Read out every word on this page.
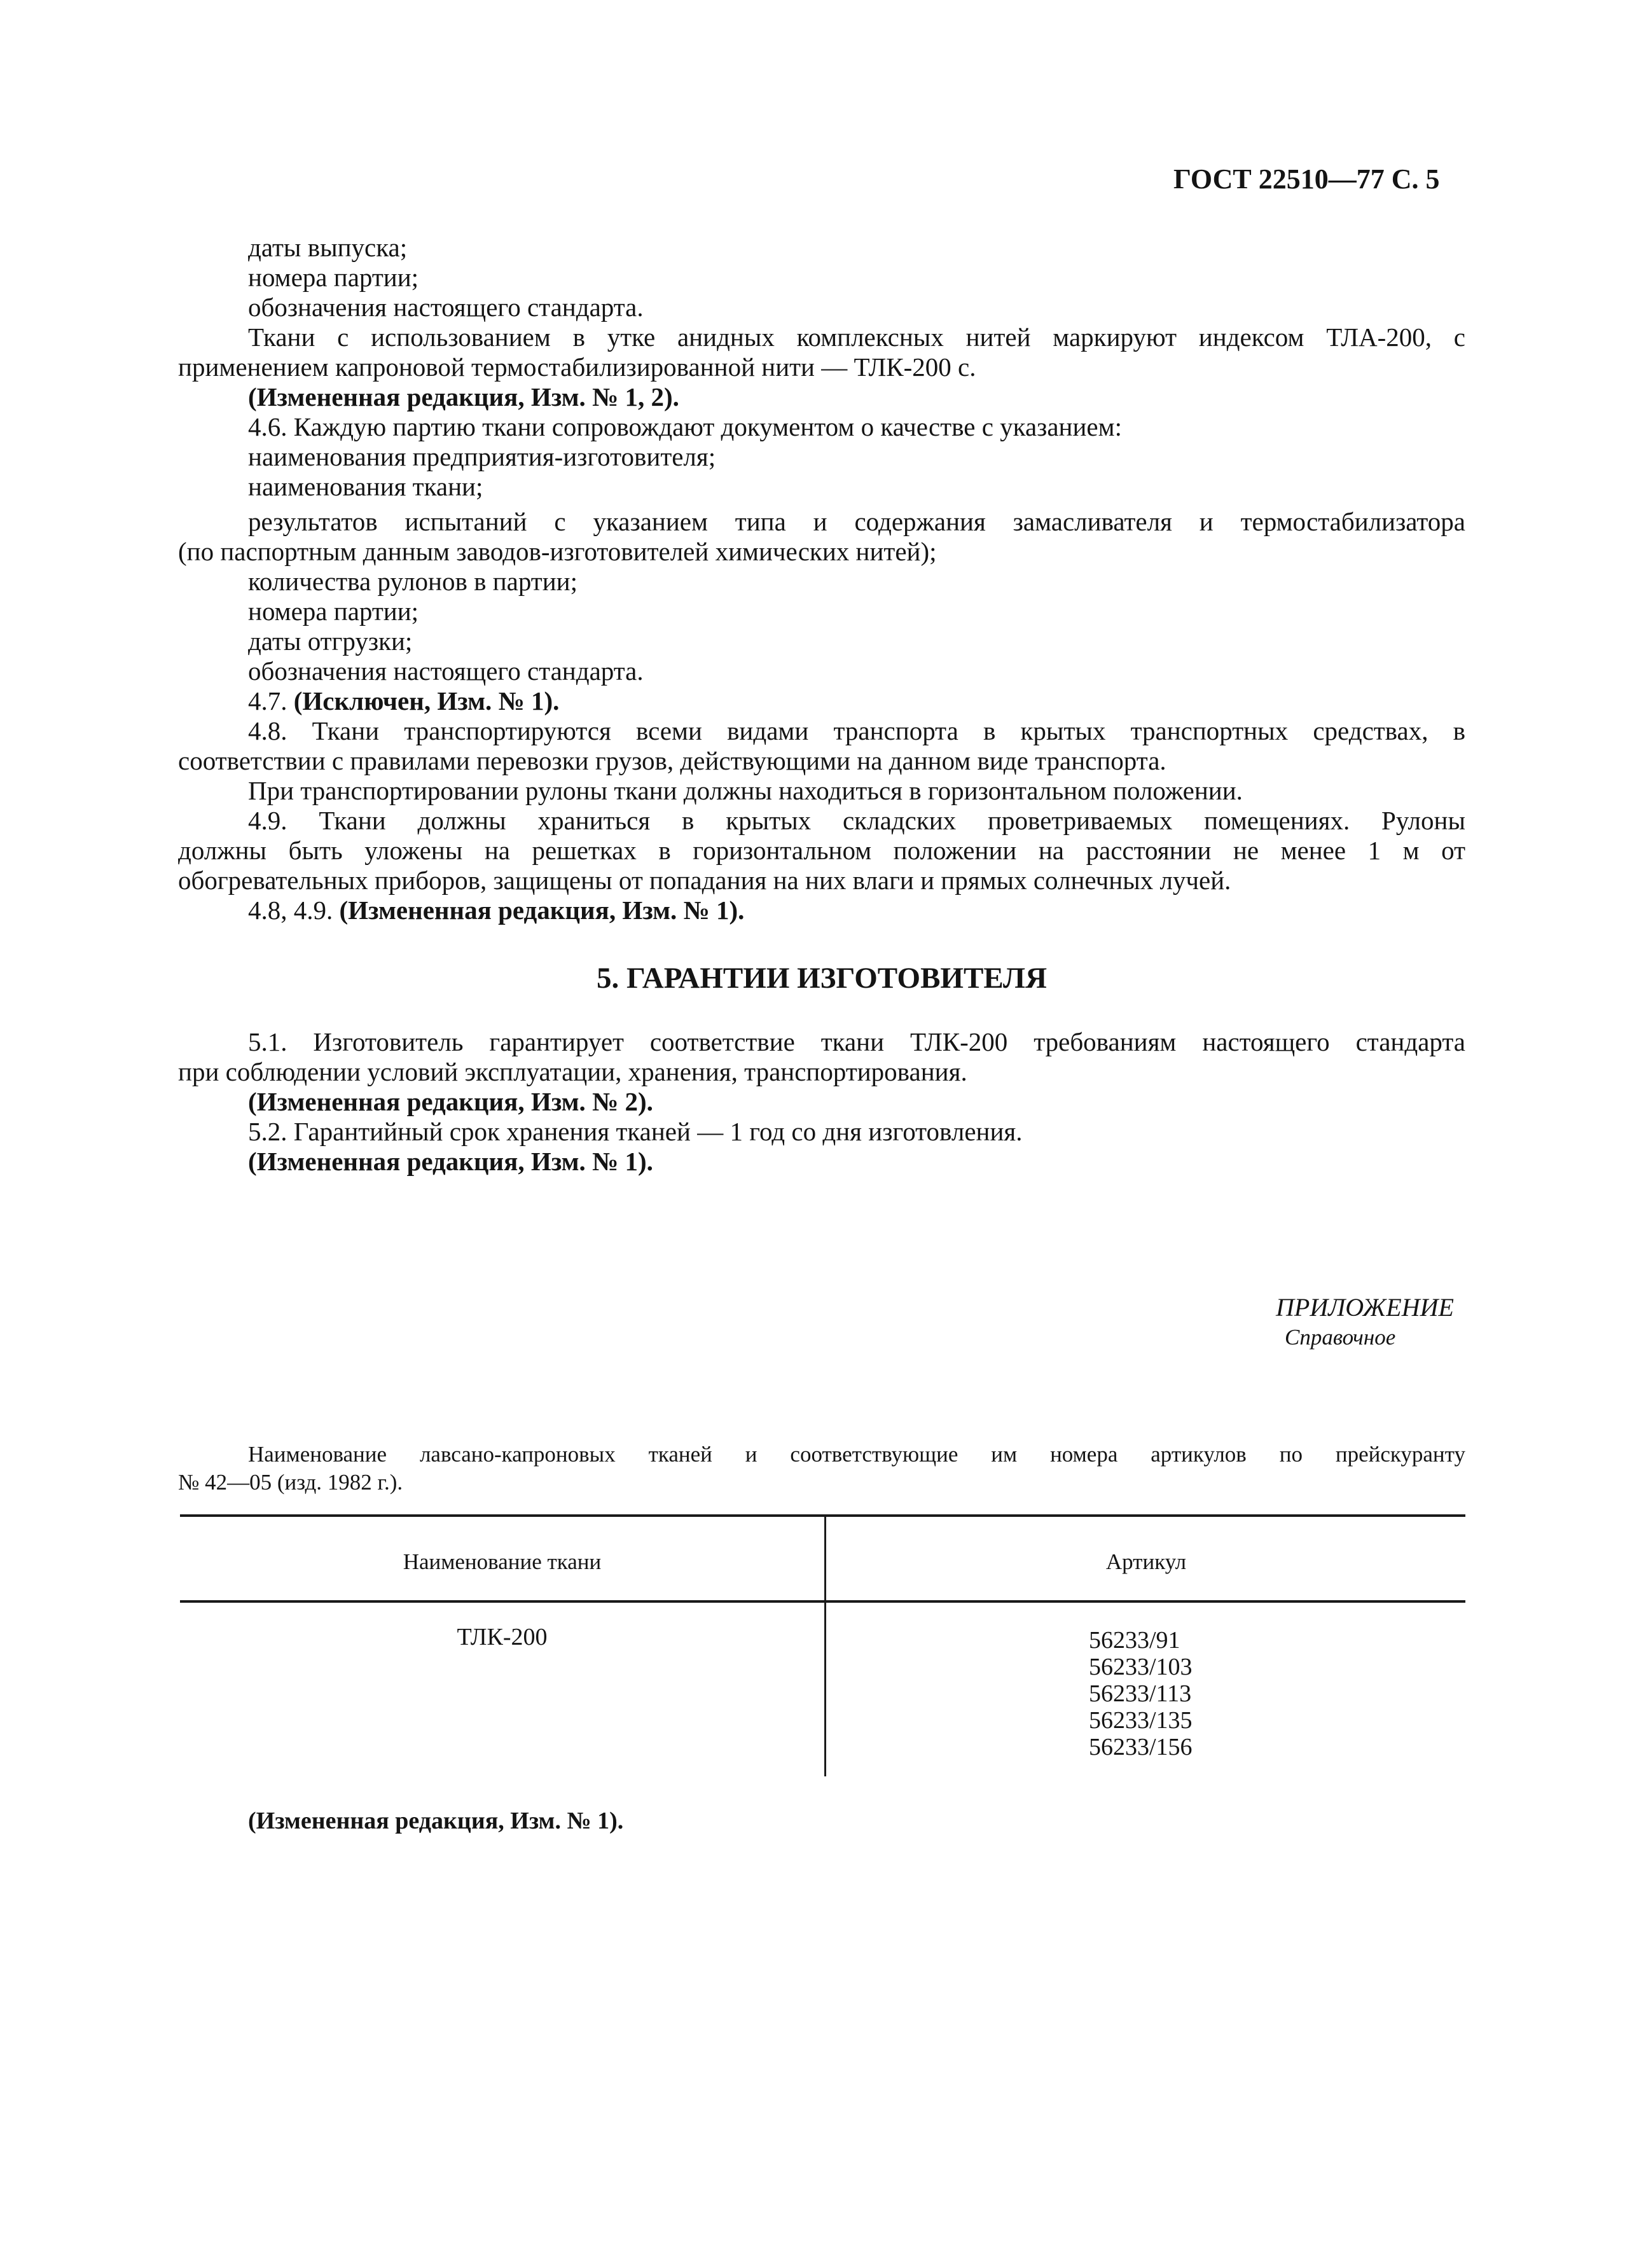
ГОСТ 22510—77 С. 5
даты выпуска;
номера партии;
обозначения настоящего стандарта.
Ткани с использованием в утке анидных комплексных нитей маркируют индексом ТЛА-200, с
применением капроновой термостабилизированной нити — ТЛК-200 с.
(Измененная редакция, Изм. № 1, 2).
4.6. Каждую партию ткани сопровождают документом о качестве с указанием:
наименования предприятия-изготовителя;
наименования ткани;
результатов испытаний с указанием типа и содержания замасливателя и термостабилизатора
(по паспортным данным заводов-изготовителей химических нитей);
количества рулонов в партии;
номера партии;
даты отгрузки;
обозначения настоящего стандарта.
4.7. (Исключен, Изм. № 1).
4.8. Ткани транспортируются всеми видами транспорта в крытых транспортных средствах, в
соответствии с правилами перевозки грузов, действующими на данном виде транспорта.
При транспортировании рулоны ткани должны находиться в горизонтальном положении.
4.9. Ткани должны храниться в крытых складских проветриваемых помещениях. Рулоны
должны быть уложены на решетках в горизонтальном положении на расстоянии не менее 1 м от
обогревательных приборов, защищены от попадания на них влаги и прямых солнечных лучей.
4.8, 4.9. (Измененная редакция, Изм. № 1).
5. ГАРАНТИИ ИЗГОТОВИТЕЛЯ
5.1. Изготовитель гарантирует соответствие ткани ТЛК-200 требованиям настоящего стандарта
при соблюдении условий эксплуатации, хранения, транспортирования.
(Измененная редакция, Изм. № 2).
5.2. Гарантийный срок хранения тканей — 1 год со дня изготовления.
(Измененная редакция, Изм. № 1).
ПРИЛОЖЕНИЕ
Справочное
Наименование лавсано-капроновых тканей и соответствующие им номера артикулов по прейскуранту
№ 42—05 (изд. 1982 г.).
Наименование ткани	Артикул
ТЛК-200	56233/91
56233/103
56233/113
56233/135
56233/156
(Измененная редакция, Изм. № 1).
